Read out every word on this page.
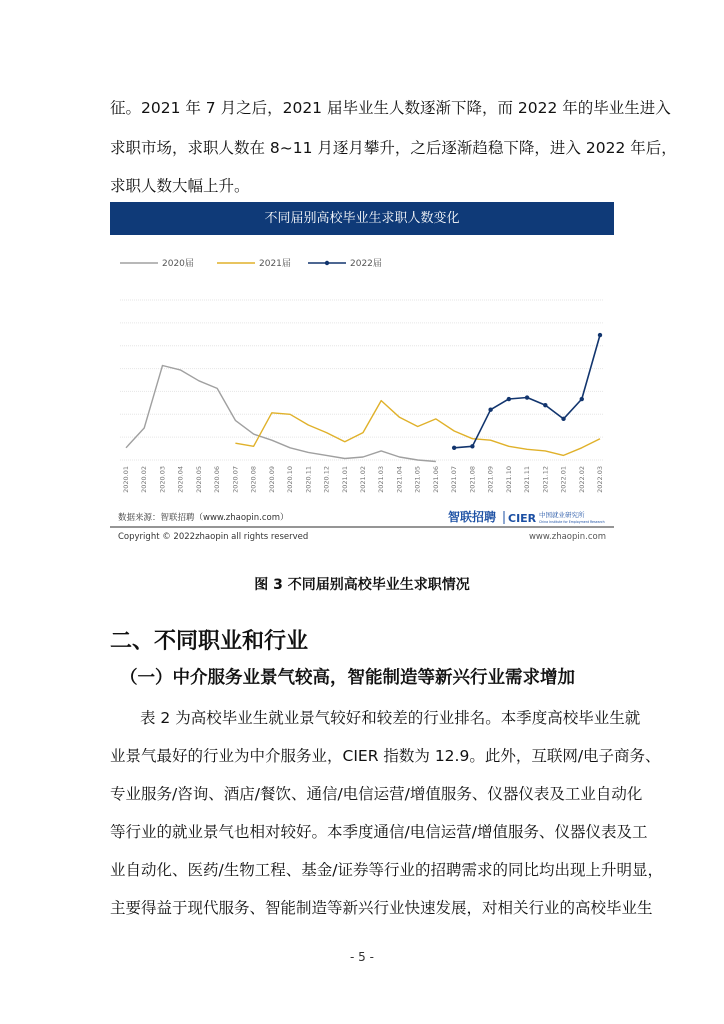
征。2021 年 7 月之后，2021 届毕业生人数逐渐下降，而 2022 年的毕业生进入
求职市场，求职人数在 8~11 月逐月攀升，之后逐渐趋稳下降，进入 2022 年后，
求职人数大幅上升。
不同届别高校毕业生求职人数变化
2020届	2021届	2022届
2020.01 2020.02 2020.03 2020.04 2020.05 2020.06 2020.07 2020.08 2020.09 2020.10 2020.11 2020.12 2021.01 2021.02 2021.03 2021.04 2021.05 2021.06 2021.07 2021.08 2021.09 2021.10 2021.11 2021.12 2022.01 2022.02 2022.03
数据来源：智联招聘（www.zhaopin.com）	智联招聘 CIER 中国就业研究所
China Institute for Employment Research
Copyright © 2022zhaopin all rights reserved	www.zhaopin.com
图 3 不同届别高校毕业生求职情况
二、不同职业和行业
（一）中介服务业景气较高，智能制造等新兴行业需求增加
表 2 为高校毕业生就业景气较好和较差的行业排名。本季度高校毕业生就
业景气最好的行业为中介服务业，CIER 指数为 12.9。此外，互联网/电子商务、
专业服务/咨询、酒店/餐饮、通信/电信运营/增值服务、仪器仪表及工业自动化
等行业的就业景气也相对较好。本季度通信/电信运营/增值服务、仪器仪表及工
业自动化、医药/生物工程、基金/证券等行业的招聘需求的同比均出现上升明显，
主要得益于现代服务、智能制造等新兴行业快速发展，对相关行业的高校毕业生
- 5 -
